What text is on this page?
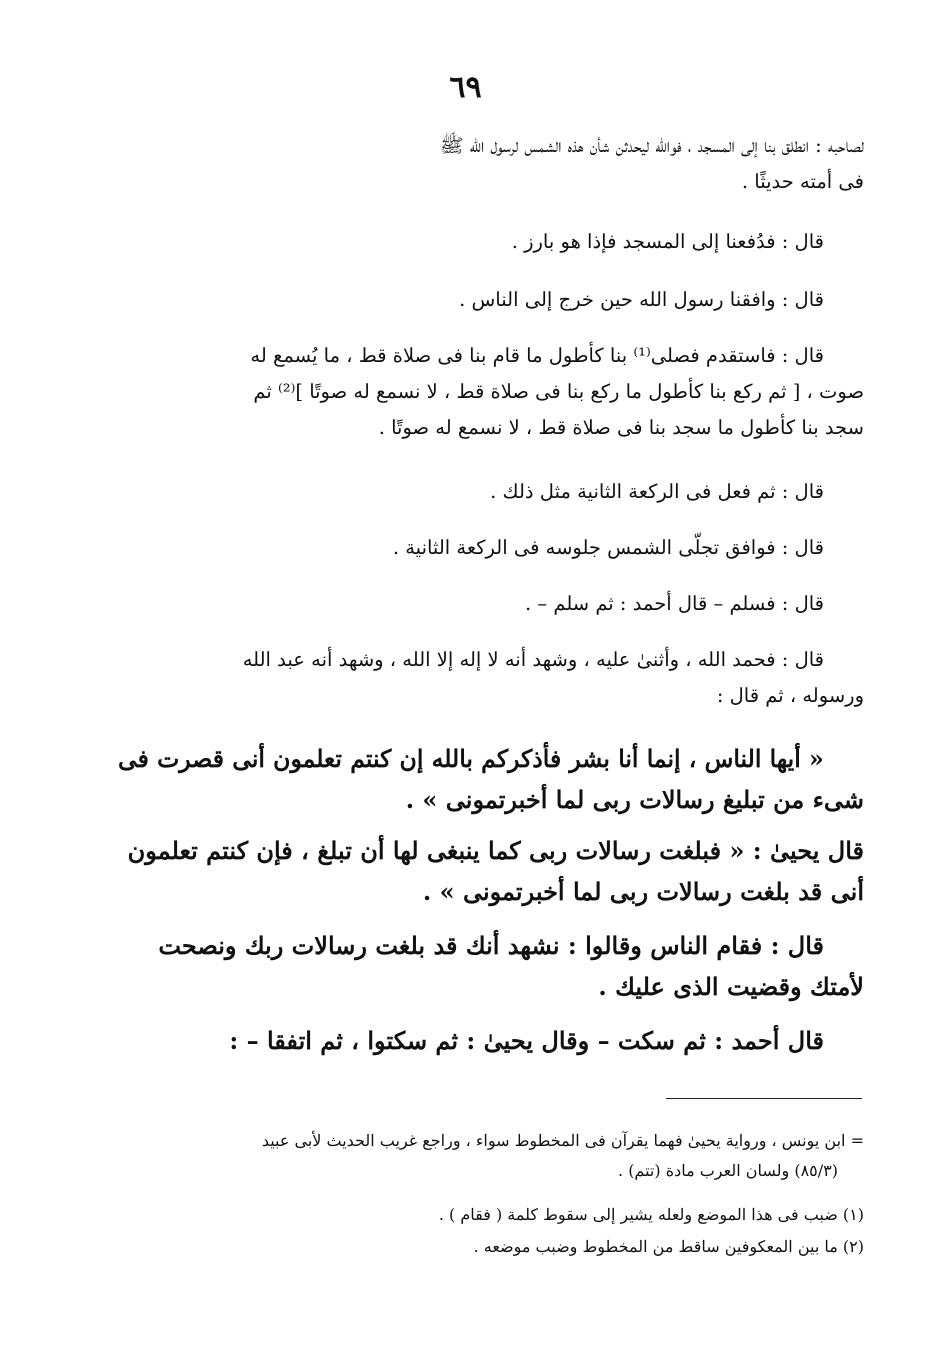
٦٩
لصاحبه : انطلق بنا إلى المسجد ، فوالله ليحدثن شأن هذه الشمس لرسول الله ﷺ
فى أمته حديثًا .
قال : فدُفعنا إلى المسجد فإذا هو بارز .
قال : وافقنا رسول الله حين خرج إلى الناس .
قال : فاستقدم فصلى⁽¹⁾ بنا كأطول ما قام بنا فى صلاة قط ، ما يُسمع له
صوت ، [ ثم ركع بنا كأطول ما ركع بنا فى صلاة قط ، لا نسمع له صوتًا ]⁽²⁾ ثم
سجد بنا كأطول ما سجد بنا فى صلاة قط ، لا نسمع له صوتًا .
قال : ثم فعل فى الركعة الثانية مثل ذلك .
قال : فوافق تجلّى الشمس جلوسه فى الركعة الثانية .
قال : فسلم – قال أحمد : ثم سلم – .
قال : فحمد الله ، وأثنىٰ عليه ، وشهد أنه لا إله إلا الله ، وشهد أنه عبد الله
ورسوله ، ثم قال :
« أيها الناس ، إنما أنا بشر فأذكركم بالله إن كنتم تعلمون أنى قصرت فى
شىء من تبليغ رسالات ربى لما أخبرتمونى » .
قال يحيىٰ : « فبلغت رسالات ربى كما ينبغى لها أن تبلغ ، فإن كنتم تعلمون
أنى قد بلغت رسالات ربى لما أخبرتمونى » .
قال : فقام الناس وقالوا : نشهد أنك قد بلغت رسالات ربك ونصحت
لأمتك وقضيت الذى عليك .
قال أحمد : ثم سكت – وقال يحيىٰ : ثم سكتوا ، ثم اتفقا – :
= ابن يونس ، ورواية يحيىٰ فهما يقرآن فى المخطوط سواء ، وراجع غريب الحديث لأبى عبيد
(٨٥/٣) ولسان العرب مادة (تتم) .
(١) ضبب فى هذا الموضع ولعله يشير إلى سقوط كلمة ( فقام ) .
(٢) ما بين المعكوفين ساقط من المخطوط وضبب موضعه .
